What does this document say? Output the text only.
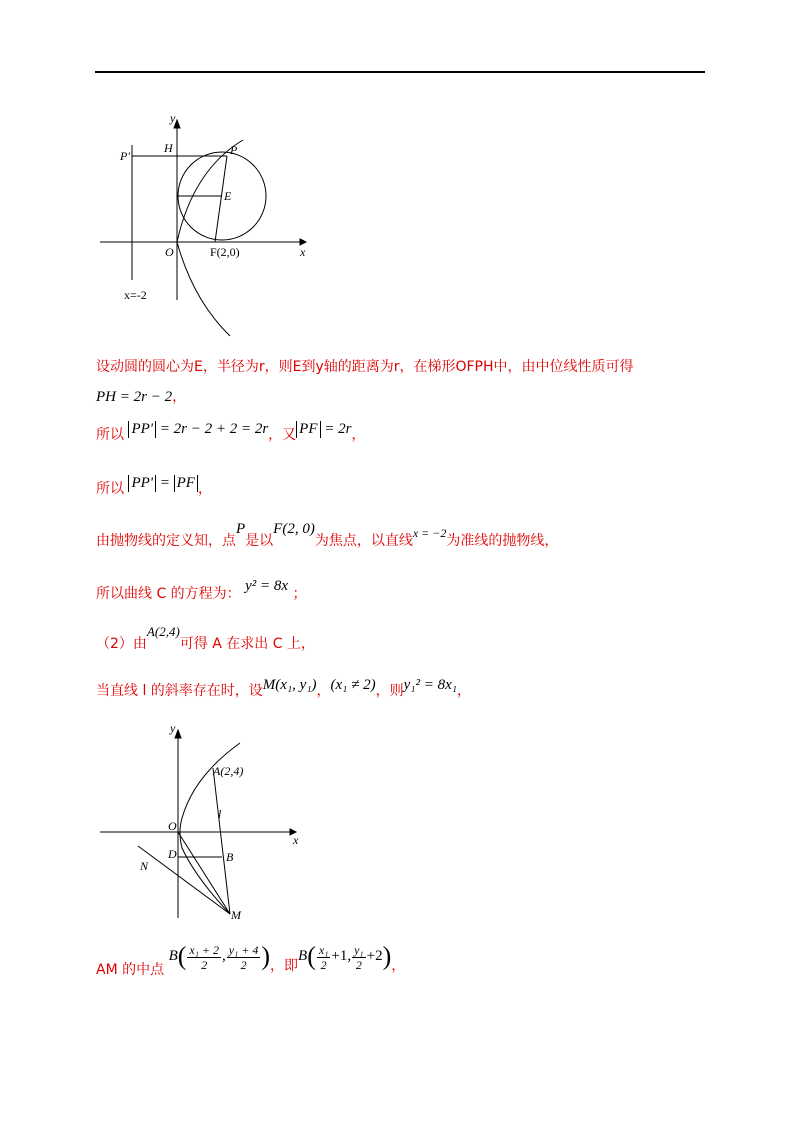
y
H
P'	P
E
O	F(2,0)	x
x=-2
设动圆的圆心为E，半径为r，则E到y轴的距离为r，在梯形OFPH中，由中位线性质可得
PH = 2r − 2，
所以 PP' = 2r − 2 + 2 = 2r，又 PF = 2r，
所以 PP' = PF ，
由抛物线的定义知，点P是以F(2, 0)为焦点，以直线x = −2为准线的抛物线，
所以曲线 C 的方程为： y² = 8x ；
（2）由A(2,4)可得 A 在求出 C 上，
当直线 l 的斜率存在时，设M(x₁, y₁)，(x₁ ≠ 2)，则y₁² = 8x₁，
y
A(2,4)
l
O
x
D	B
N
M
AM 的中点 $B( \frac{\text{x₁ + 2}}{2}$ , $\frac{\text{y₁ + 4}}{2}$ )，即$B( \frac{\text{x₁}}{2} +1$, $\frac{\text{y₁}}{2} +2$)，
